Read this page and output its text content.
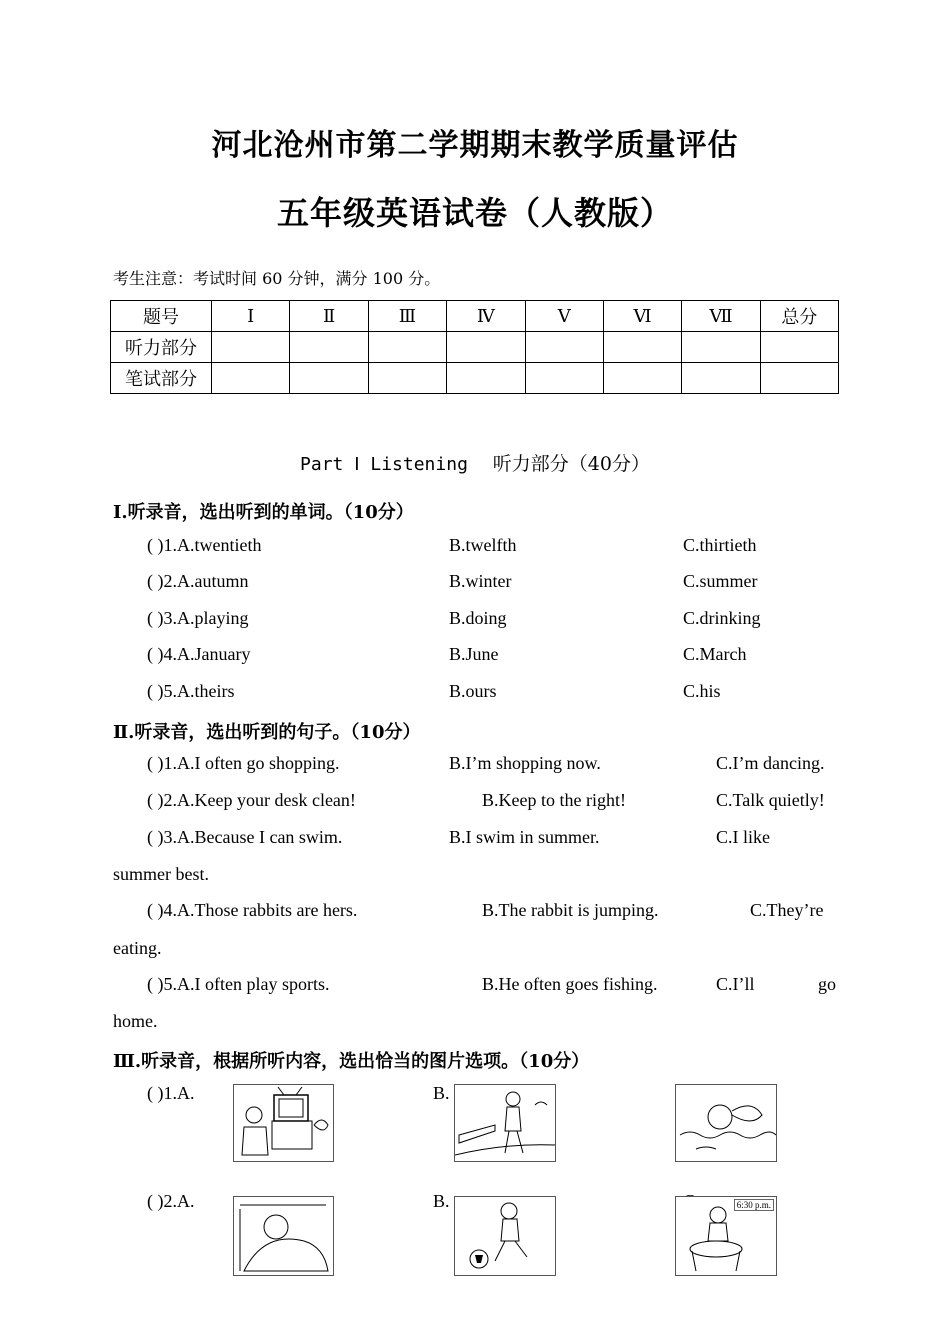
河北沧州市第二学期期末教学质量评估
五年级英语试卷（人教版）
考生注意：考试时间 60 分钟，满分 100 分。
题号	Ⅰ	Ⅱ	Ⅲ	Ⅳ	Ⅴ	Ⅵ	Ⅶ	总分
听力部分								
笔试部分								
Part Ⅰ Listening 听力部分（40分）
Ⅰ.听录音，选出听到的单词。（10分）
( )1.A.twentieth	B.twelfth	C.thirtieth
( )2.A.autumn	B.winter	C.summer
( )3.A.playing	B.doing	C.drinking
( )4.A.January	B.June	C.March
( )5.A.theirs	B.ours	C.his
Ⅱ.听录音，选出听到的句子。（10分）
( )1.A.I often go shopping.	B.I’m shopping now.	C.I’m dancing.
( )2.A.Keep your desk clean!	B.Keep to the right!	C.Talk quietly!
( )3.A.Because I can swim.	B.I swim in summer.	C.I like
summer best.
( )4.A.Those rabbits are hers.	B.The rabbit is jumping.	C.They’re
eating.
( )5.A.I often play sports.	B.He often goes fishing.	C.I’ll	go
home.
Ⅲ.听录音，根据所听内容，选出恰当的图片选项。（10分）
( )1.A.	B.
( )2.A.	B.	6:30 p.m.
